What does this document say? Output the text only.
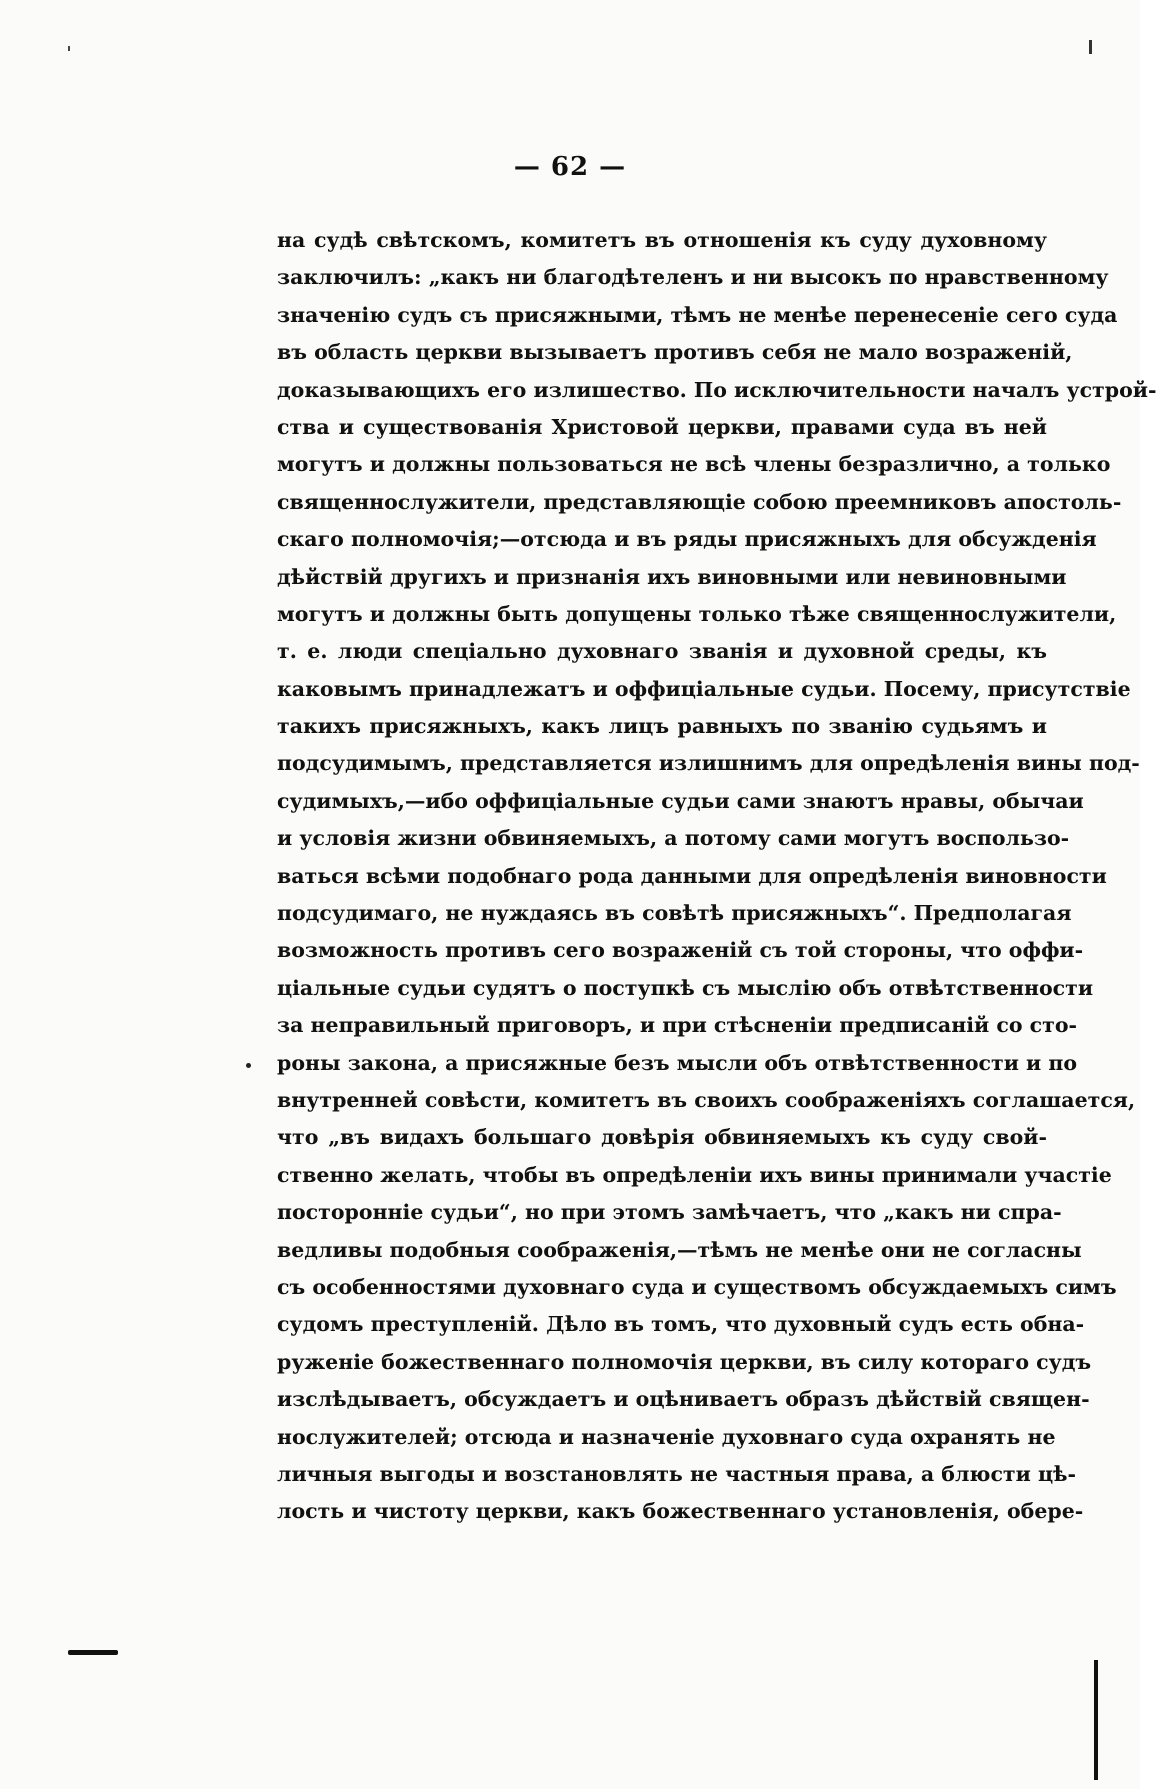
— 62 —
на судѣ свѣтскомъ, комитетъ въ отношенія къ суду духовному
заключилъ: „какъ ни благодѣтеленъ и ни высокъ по нравственному
значенію судъ съ присяжными, тѣмъ не менѣе перенесеніе сего суда
въ область церкви вызываетъ противъ себя не мало возраженій,
доказывающихъ его излишество. По исключительности началъ устрой-
ства и существованія Христовой церкви, правами суда въ ней
могутъ и должны пользоваться не всѣ члены безразлично, а только
священнослужители, представляющіе собою преемниковъ апостоль-
скаго полномочія;—отсюда и въ ряды присяжныхъ для обсужденія
дѣйствій другихъ и признанія ихъ виновными или невиновными
могутъ и должны быть допущены только тѣже священнослужители,
т. е. люди спеціально духовнаго званія и духовной среды, къ
каковымъ принадлежатъ и оффиціальные судьи. Посему, присутствіе
такихъ присяжныхъ, какъ лицъ равныхъ по званію судьямъ и
подсудимымъ, представляется излишнимъ для опредѣленія вины под-
судимыхъ,—ибо оффиціальные судьи сами знаютъ нравы, обычаи
и условія жизни обвиняемыхъ, а потому сами могутъ воспользо-
ваться всѣми подобнаго рода данными для опредѣленія виновности
подсудимаго, не нуждаясь въ совѣтѣ присяжныхъ“. Предполагая
возможность противъ сего возраженій съ той стороны, что оффи-
ціальные судьи судятъ о поступкѣ съ мыслію объ отвѣтственности
за неправильный приговоръ, и при стѣсненіи предписаній со сто-
роны закона, а присяжные безъ мысли объ отвѣтственности и по
внутренней совѣсти, комитетъ въ своихъ соображеніяхъ соглашается,
что „въ видахъ большаго довѣрія обвиняемыхъ къ суду свой-
ственно желать, чтобы въ опредѣленіи ихъ вины принимали участіе
посторонніе судьи“, но при этомъ замѣчаетъ, что „какъ ни спра-
ведливы подобныя соображенія,—тѣмъ не менѣе они не согласны
съ особенностями духовнаго суда и существомъ обсуждаемыхъ симъ
судомъ преступленій. Дѣло въ томъ, что духовный судъ есть обна-
руженіе божественнаго полномочія церкви, въ силу котораго судъ
изслѣдываетъ, обсуждаетъ и оцѣниваетъ образъ дѣйствій священ-
нослужителей; отсюда и назначеніе духовнаго суда охранять не
личныя выгоды и возстановлять не частныя права, а блюсти цѣ-
лость и чистоту церкви, какъ божественнаго установленія, обере-
